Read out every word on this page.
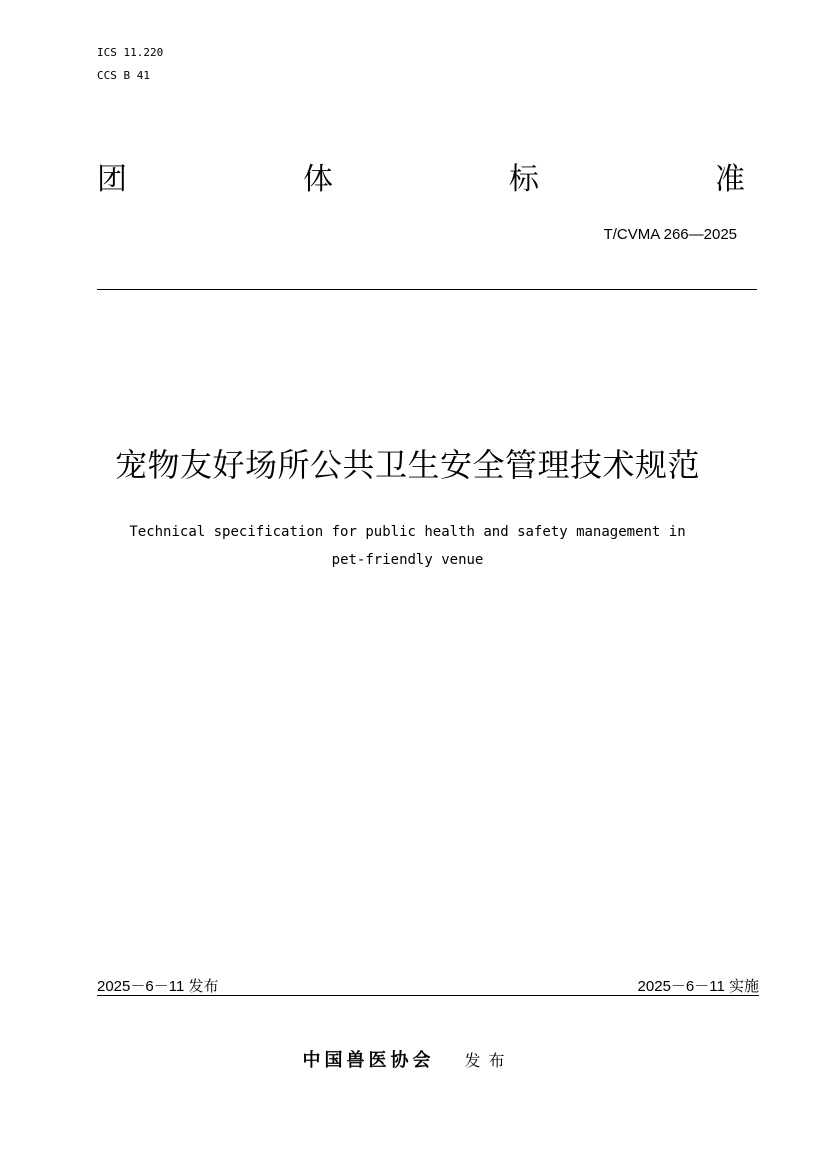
ICS 11.220
CCS B 41
团	体	标	准
T/CVMA 266—2025
宠物友好场所公共卫生安全管理技术规范
Technical specification for public health and safety management in
pet-friendly venue
2025－6－11 发布	2025－6－11 实施
中国兽医协会 发布
